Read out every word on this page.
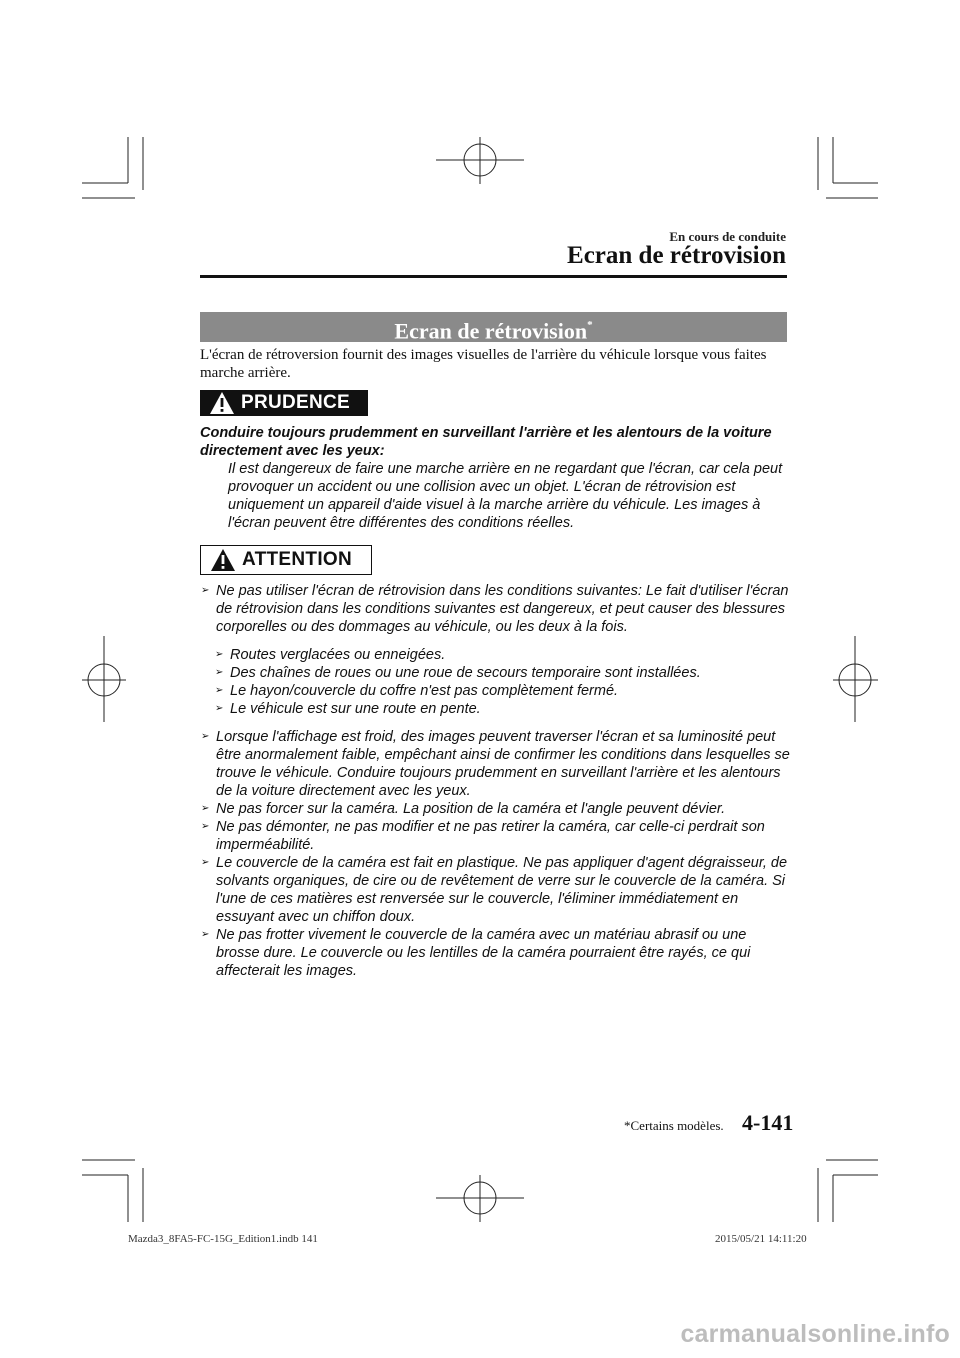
En cours de conduite
Ecran de rétrovision
Ecran de rétrovision*
L'écran de rétroversion fournit des images visuelles de l'arrière du véhicule lorsque vous faites marche arrière.
PRUDENCE
Conduire toujours prudemment en surveillant l'arrière et les alentours de la voiture directement avec les yeux:
Il est dangereux de faire une marche arrière en ne regardant que l'écran, car cela peut provoquer un accident ou une collision avec un objet. L'écran de rétrovision est uniquement un appareil d'aide visuel à la marche arrière du véhicule. Les images à l'écran peuvent être différentes des conditions réelles.
ATTENTION
➢ Ne pas utiliser l'écran de rétrovision dans les conditions suivantes: Le fait d'utiliser l'écran de rétrovision dans les conditions suivantes est dangereux, et peut causer des blessures corporelles ou des dommages au véhicule, ou les deux à la fois.
➢ Routes verglacées ou enneigées.
➢ Des chaînes de roues ou une roue de secours temporaire sont installées.
➢ Le hayon/couvercle du coffre n'est pas complètement fermé.
➢ Le véhicule est sur une route en pente.
➢ Lorsque l'affichage est froid, des images peuvent traverser l'écran et sa luminosité peut être anormalement faible, empêchant ainsi de confirmer les conditions dans lesquelles se trouve le véhicule. Conduire toujours prudemment en surveillant l'arrière et les alentours de la voiture directement avec les yeux.
➢ Ne pas forcer sur la caméra. La position de la caméra et l'angle peuvent dévier.
➢ Ne pas démonter, ne pas modifier et ne pas retirer la caméra, car celle-ci perdrait son imperméabilité.
➢ Le couvercle de la caméra est fait en plastique. Ne pas appliquer d'agent dégraisseur, de solvants organiques, de cire ou de revêtement de verre sur le couvercle de la caméra. Si l'une de ces matières est renversée sur le couvercle, l'éliminer immédiatement en essuyant avec un chiffon doux.
➢ Ne pas frotter vivement le couvercle de la caméra avec un matériau abrasif ou une brosse dure. Le couvercle ou les lentilles de la caméra pourraient être rayés, ce qui affecterait les images.
*Certains modèles. 4-141
Mazda3_8FA5-FC-15G_Edition1.indb 141	2015/05/21 14:11:20
carmanualsonline.info
